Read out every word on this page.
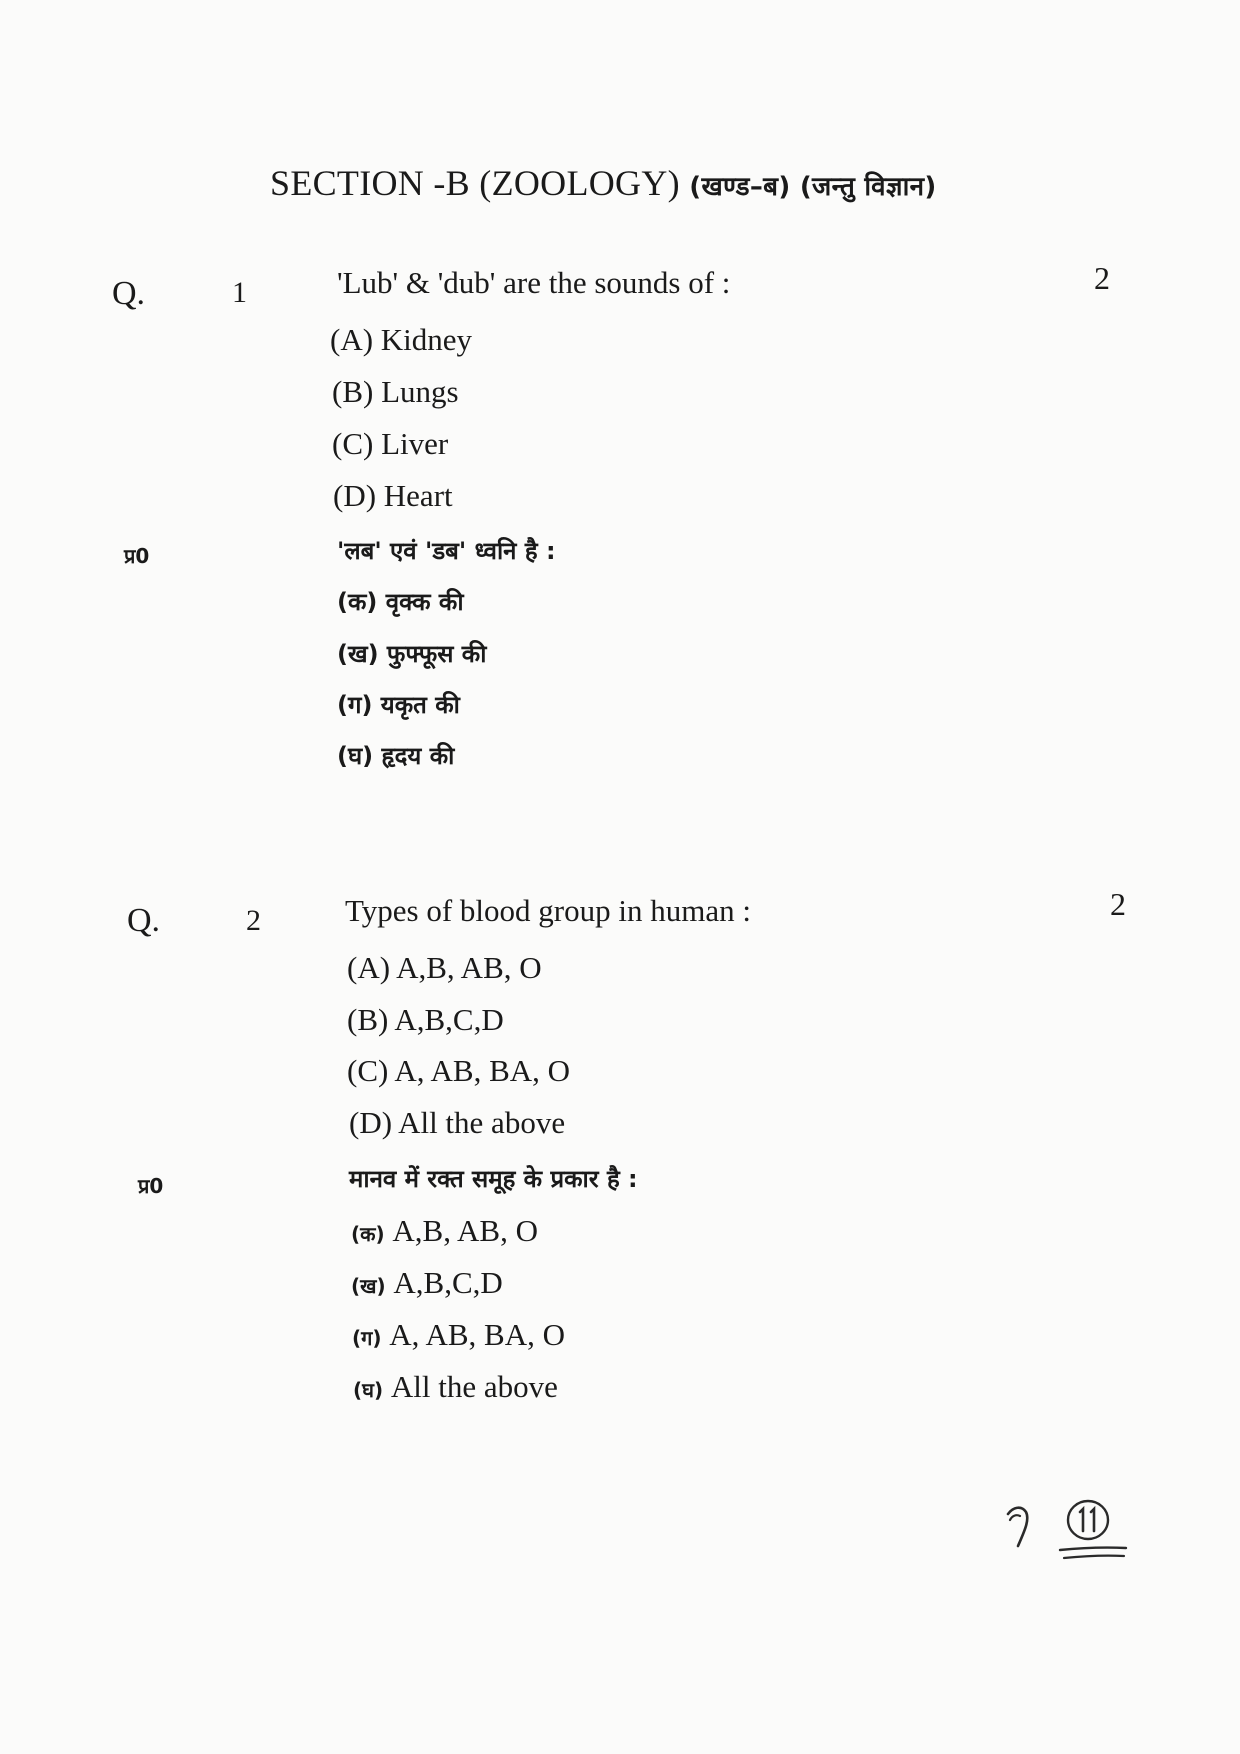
SECTION -B (ZOOLOGY) (खण्ड–ब) (जन्तु विज्ञान)
Q.	1	2
'Lub' & 'dub' are the sounds of :
(A) Kidney
(B) Lungs
(C) Liver
(D) Heart
प्र0	'लब' एवं 'डब' ध्वनि है :
(क) वृक्क की
(ख) फुफ्फूस की
(ग) यकृत की
(घ) हृदय की
Q.	2	2
Types of blood group in human :
(A) A,B, AB, O
(B) A,B,C,D
(C) A, AB, BA, O
(D) All the above
प्र0	मानव में रक्त समूह के प्रकार है :
(क) A,B, AB, O
(ख) A,B,C,D
(ग) A, AB, BA, O
(घ) All the above
